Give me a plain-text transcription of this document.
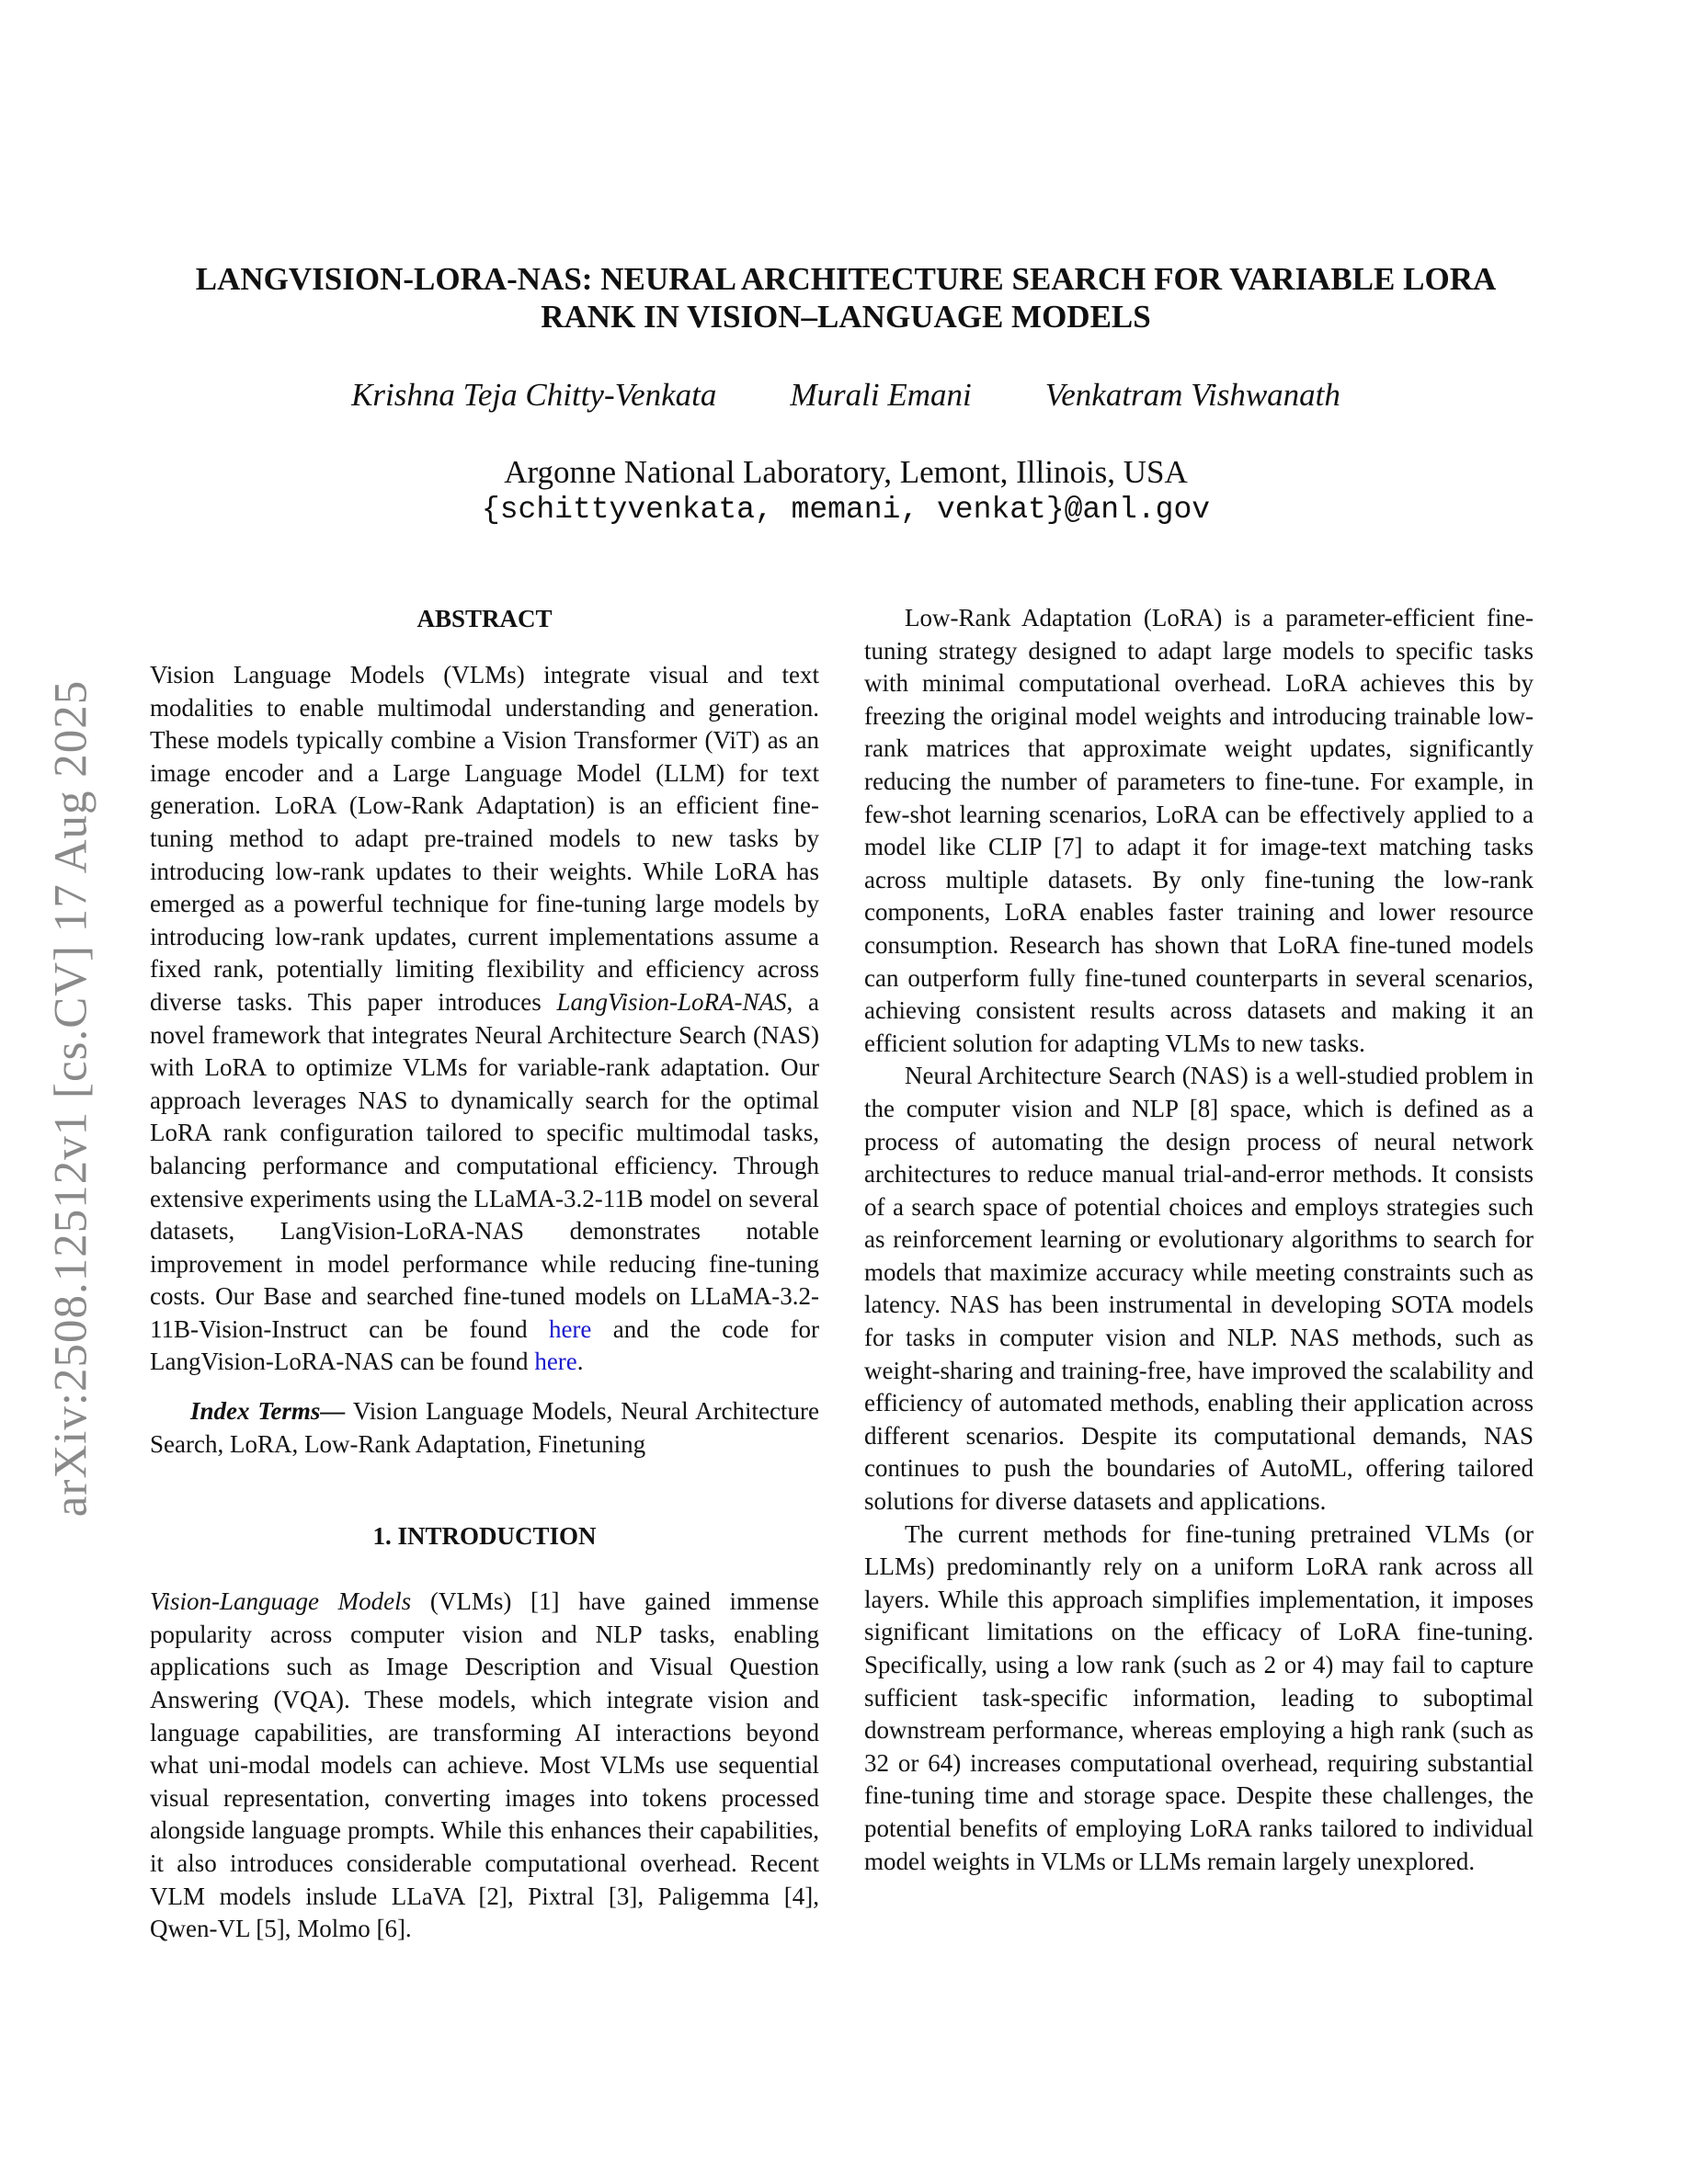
arXiv:2508.12512v1 [cs.CV] 17 Aug 2025
LANGVISION-LORA-NAS: NEURAL ARCHITECTURE SEARCH FOR VARIABLE LORA RANK IN VISION–LANGUAGE MODELS
Krishna Teja Chitty-Venkata Murali Emani Venkatram Vishwanath
Argonne National Laboratory, Lemont, Illinois, USA
{schittyvenkata, memani, venkat}@anl.gov
ABSTRACT

Vision Language Models (VLMs) integrate visual and text modalities to enable multimodal understanding and generation. These models typically combine a Vision Transformer (ViT) as an image encoder and a Large Language Model (LLM) for text generation. LoRA (Low-Rank Adaptation) is an efficient fine-tuning method to adapt pre-trained models to new tasks by introducing low-rank updates to their weights. While LoRA has emerged as a powerful technique for fine-tuning large models by introducing low-rank updates, current implementations assume a fixed rank, potentially limiting flexibility and efficiency across diverse tasks. This paper introduces LangVision-LoRA-NAS, a novel framework that integrates Neural Architecture Search (NAS) with LoRA to optimize VLMs for variable-rank adaptation. Our approach leverages NAS to dynamically search for the optimal LoRA rank configuration tailored to specific multimodal tasks, balancing performance and computational efficiency. Through extensive experiments using the LLaMA-3.2-11B model on several datasets, LangVision-LoRA-NAS demonstrates notable improvement in model performance while reducing fine-tuning costs. Our Base and searched fine-tuned models on LLaMA-3.2-11B-Vision-Instruct can be found here and the code for LangVision-LoRA-NAS can be found here.

Index Terms— Vision Language Models, Neural Architecture Search, LoRA, Low-Rank Adaptation, Finetuning

1. INTRODUCTION

Vision-Language Models (VLMs) [1] have gained immense popularity across computer vision and NLP tasks, enabling applications such as Image Description and Visual Question Answering (VQA). These models, which integrate vision and language capabilities, are transforming AI interactions beyond what uni-modal models can achieve. Most VLMs use sequential visual representation, converting images into tokens processed alongside language prompts. While this enhances their capabilities, it also introduces considerable computational overhead. Recent VLM models inslude LLaVA [2], Pixtral [3], Paligemma [4], Qwen-VL [5], Molmo [6].

Low-Rank Adaptation (LoRA) is a parameter-efficient fine-tuning strategy designed to adapt large models to specific tasks with minimal computational overhead. LoRA achieves this by freezing the original model weights and introducing trainable low-rank matrices that approximate weight updates, significantly reducing the number of parameters to fine-tune. For example, in few-shot learning scenarios, LoRA can be effectively applied to a model like CLIP [7] to adapt it for image-text matching tasks across multiple datasets. By only fine-tuning the low-rank components, LoRA enables faster training and lower resource consumption. Research has shown that LoRA fine-tuned models can outperform fully fine-tuned counterparts in several scenarios, achieving consistent results across datasets and making it an efficient solution for adapting VLMs to new tasks.

Neural Architecture Search (NAS) is a well-studied problem in the computer vision and NLP [8] space, which is defined as a process of automating the design process of neural network architectures to reduce manual trial-and-error methods. It consists of a search space of potential choices and employs strategies such as reinforcement learning or evolutionary algorithms to search for models that maximize accuracy while meeting constraints such as latency. NAS has been instrumental in developing SOTA models for tasks in computer vision and NLP. NAS methods, such as weight-sharing and training-free, have improved the scalability and efficiency of automated methods, enabling their application across different scenarios. Despite its computational demands, NAS continues to push the boundaries of AutoML, offering tailored solutions for diverse datasets and applications.

The current methods for fine-tuning pretrained VLMs (or LLMs) predominantly rely on a uniform LoRA rank across all layers. While this approach simplifies implementation, it imposes significant limitations on the efficacy of LoRA fine-tuning. Specifically, using a low rank (such as 2 or 4) may fail to capture sufficient task-specific information, leading to suboptimal downstream performance, whereas employing a high rank (such as 32 or 64) increases computational overhead, requiring substantial fine-tuning time and storage space. Despite these challenges, the potential benefits of employing LoRA ranks tailored to individual model weights in VLMs or LLMs remain largely unexplored.
